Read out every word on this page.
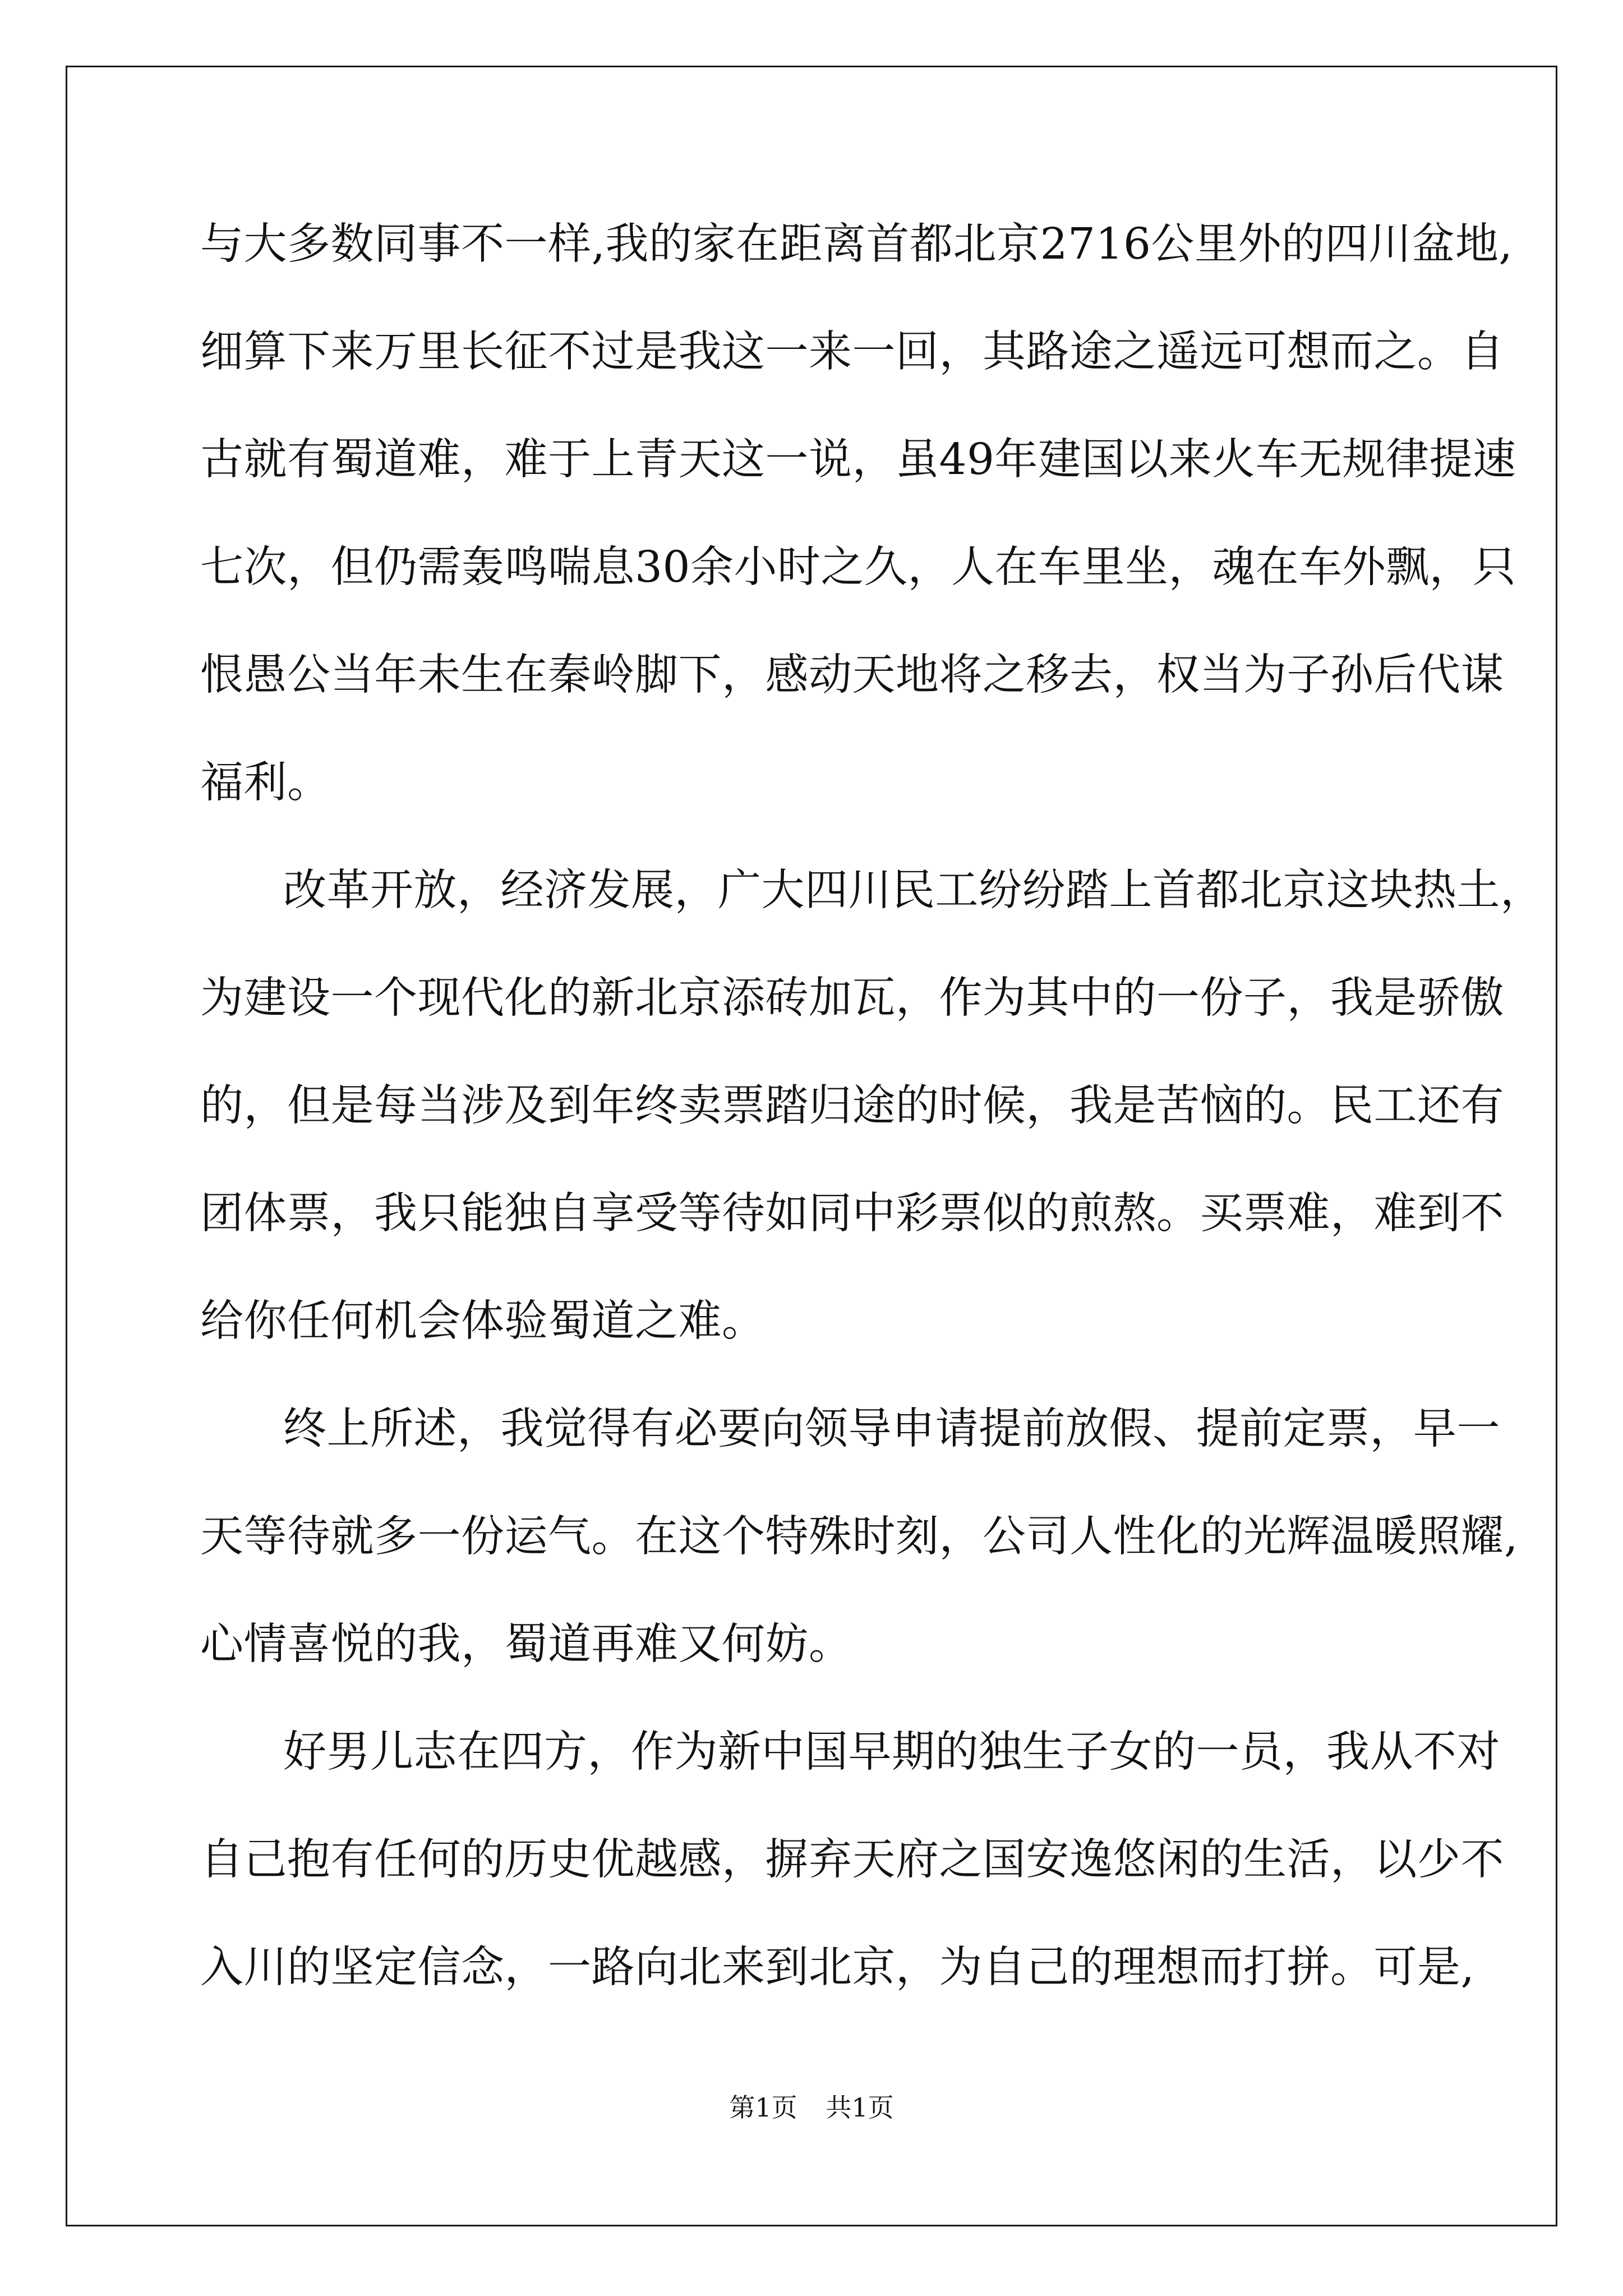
与大多数同事不一样,我的家在距离首都北京2716公里外的四川盆地,
细算下来万里长征不过是我这一来一回，其路途之遥远可想而之。自
古就有蜀道难，难于上青天这一说，虽49年建国以来火车无规律提速
七次，但仍需轰鸣喘息30余小时之久，人在车里坐，魂在车外飘，只
恨愚公当年未生在秦岭脚下，感动天地将之移去，权当为子孙后代谋
福利。
改革开放，经济发展，广大四川民工纷纷踏上首都北京这块热土，
为建设一个现代化的新北京添砖加瓦，作为其中的一份子，我是骄傲
的，但是每当涉及到年终卖票踏归途的时候，我是苦恼的。民工还有
团体票，我只能独自享受等待如同中彩票似的煎熬。买票难，难到不
给你任何机会体验蜀道之难。
终上所述，我觉得有必要向领导申请提前放假、提前定票，早一
天等待就多一份运气。在这个特殊时刻，公司人性化的光辉温暖照耀,
心情喜悦的我，蜀道再难又何妨。
好男儿志在四方，作为新中国早期的独生子女的一员，我从不对
自己抱有任何的历史优越感，摒弃天府之国安逸悠闲的生活，以少不
入川的坚定信念，一路向北来到北京，为自己的理想而打拼。可是,
第1页 共1页
